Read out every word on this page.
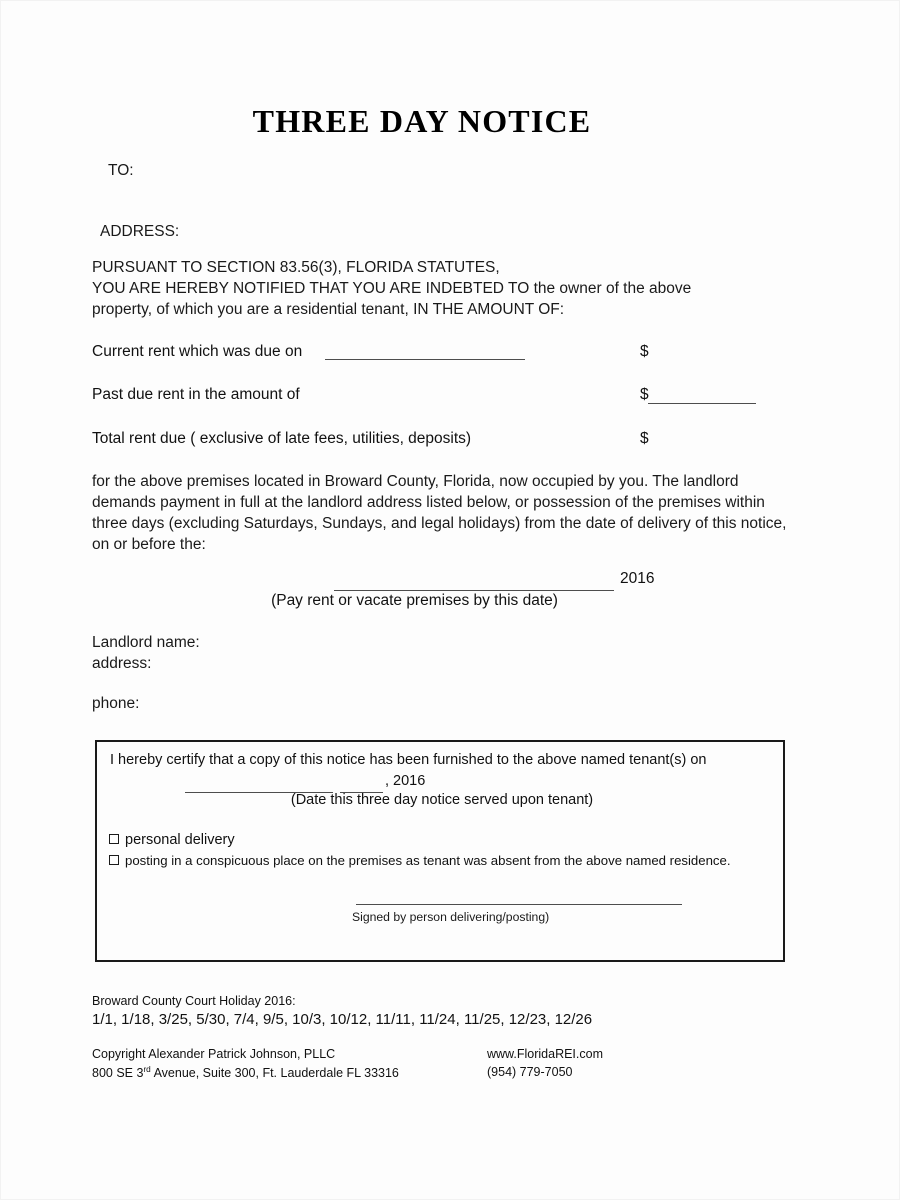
THREE DAY NOTICE
TO:
ADDRESS:
PURSUANT TO SECTION 83.56(3), FLORIDA STATUTES,
YOU ARE HEREBY NOTIFIED THAT YOU ARE INDEBTED TO the owner of the above
property, of which you are a residential tenant, IN THE AMOUNT OF:
Current rent which was due on	$
Past due rent in the amount of	$
Total rent due ( exclusive of late fees, utilities, deposits)	$
for the above premises located in Broward County, Florida, now occupied by you. The landlord demands payment in full at the landlord address listed below, or possession of the premises within three days (excluding Saturdays, Sundays, and legal holidays) from the date of delivery of this notice, on or before the:
2016
(Pay rent or vacate premises by this date)
Landlord name:
address:
phone:
I hereby certify that a copy of this notice has been furnished to the above named tenant(s) on
, 2016
(Date this three day notice served upon tenant)
personal delivery
posting in a conspicuous place on the premises as tenant was absent from the above named residence.
Signed by person delivering/posting)
Broward County Court Holiday 2016:
1/1, 1/18, 3/25, 5/30, 7/4, 9/5, 10/3, 10/12, 11/11, 11/24, 11/25, 12/23, 12/26
Copyright Alexander Patrick Johnson, PLLC
800 SE 3rd Avenue, Suite 300, Ft. Lauderdale FL 33316
www.FloridaREI.com
(954) 779-7050
